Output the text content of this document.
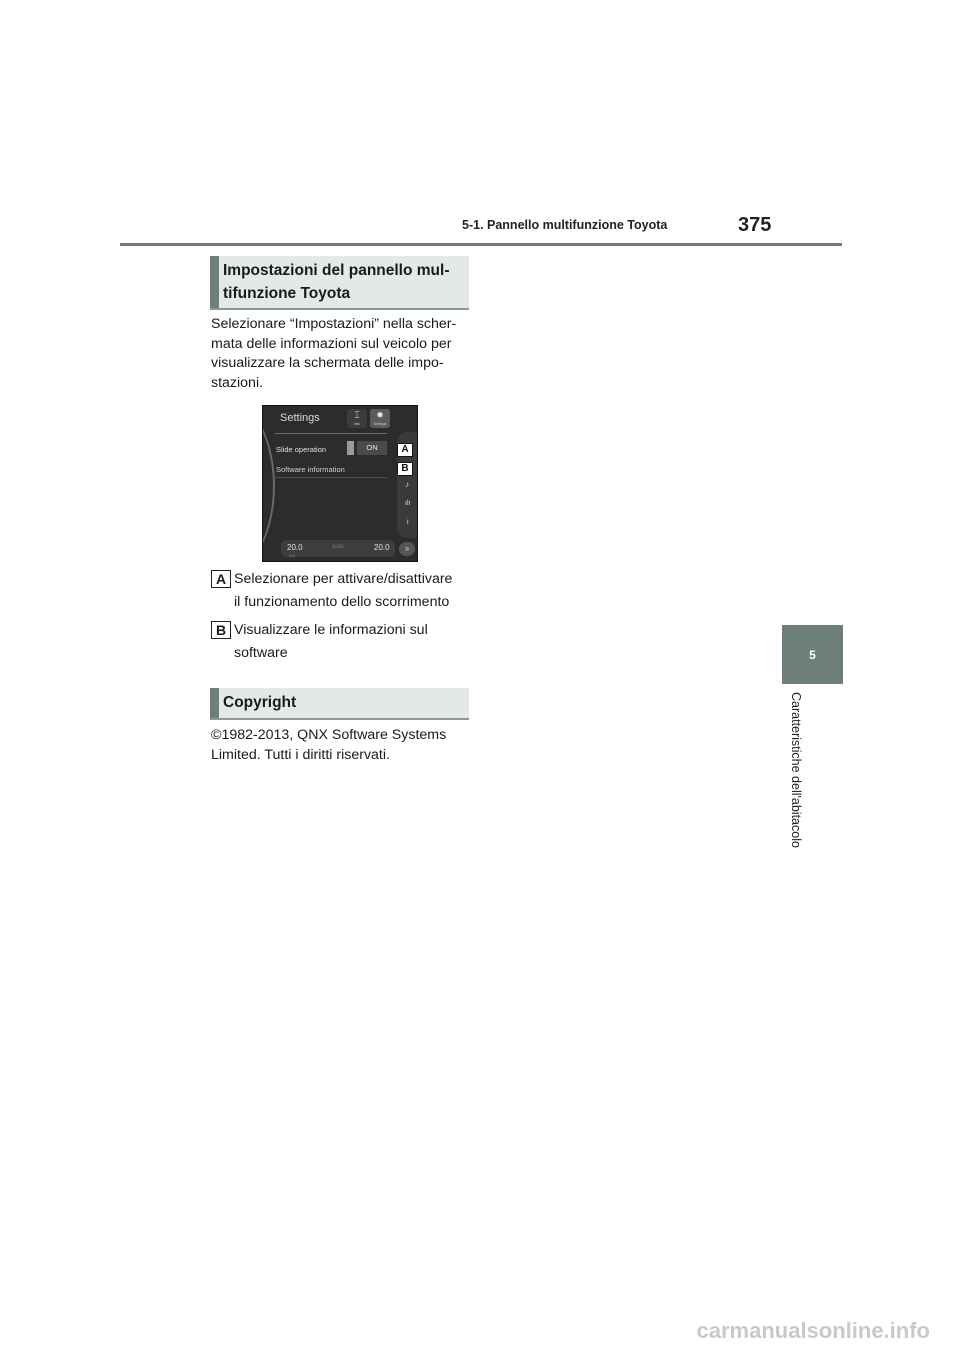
5-1. Pannello multifunzione Toyota	375
5
Caratteristiche dell'abitacolo
Impostazioni del pannello mul-
tifunzione Toyota
Selezionare “Impostazioni” nella scher-
mata delle informazioni sul veicolo per
visualizzare la schermata delle impo-
stazioni.
Settings	⌶
Info
✹
Settings
Slide operation	ON
Software information
A
B
♪
ılı
i
20.0	auto	20.0
A/C
»
A Selezionare per attivare/disattivare
il funzionamento dello scorrimento
B Visualizzare le informazioni sul
software
Copyright
©1982-2013, QNX Software Systems
Limited. Tutti i diritti riservati.
carmanualsonline.info
